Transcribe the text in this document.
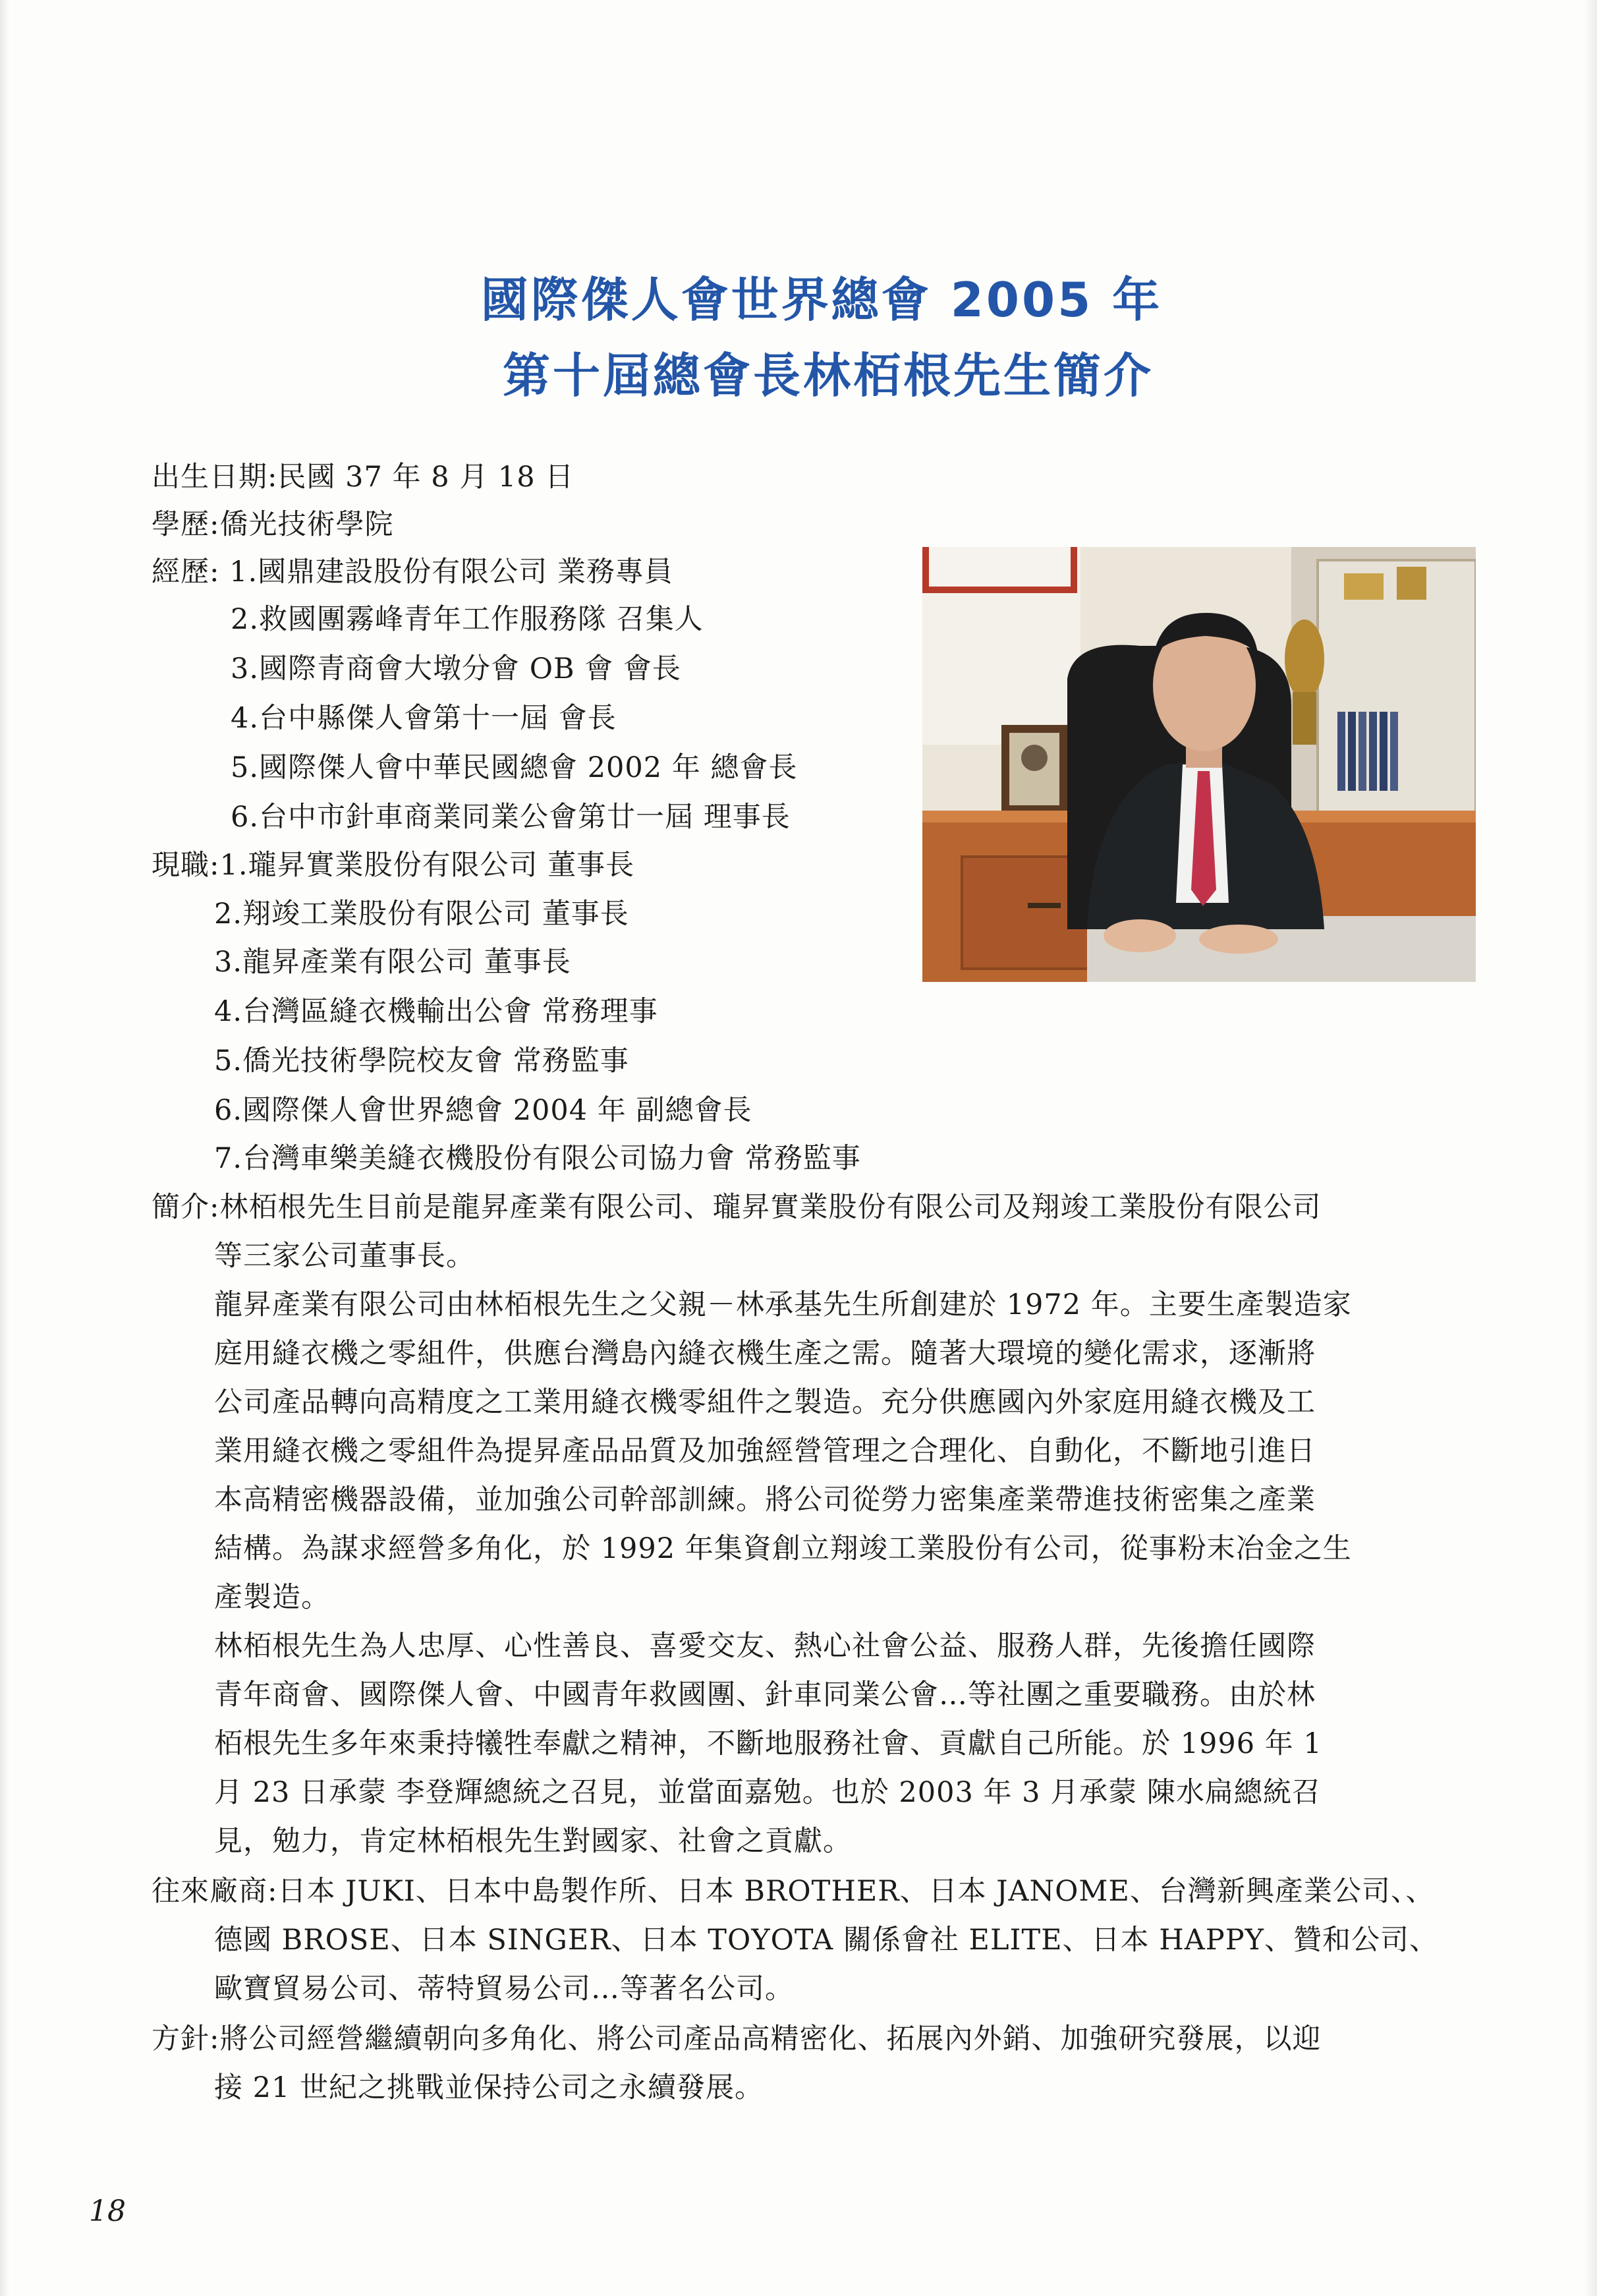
國際傑人會世界總會 2005 年
第十屆總會長林栢根先生簡介
出生日期:民國 37 年 8 月 18 日
學歷:僑光技術學院
經歷: 1.國鼎建設股份有限公司 業務專員
2.救國團霧峰青年工作服務隊 召集人
3.國際青商會大墩分會 OB 會 會長
4.台中縣傑人會第十一屆 會長
5.國際傑人會中華民國總會 2002 年 總會長
6.台中市針車商業同業公會第廿一屆 理事長
現職:1.瓏昇實業股份有限公司 董事長
2.翔竣工業股份有限公司 董事長
3.龍昇產業有限公司 董事長
4.台灣區縫衣機輸出公會 常務理事
5.僑光技術學院校友會 常務監事
6.國際傑人會世界總會 2004 年 副總會長
7.台灣車樂美縫衣機股份有限公司協力會 常務監事
簡介:林栢根先生目前是龍昇產業有限公司、瓏昇實業股份有限公司及翔竣工業股份有限公司
等三家公司董事長。
龍昇產業有限公司由林栢根先生之父親－林承基先生所創建於 1972 年。主要生產製造家
庭用縫衣機之零組件，供應台灣島內縫衣機生產之需。隨著大環境的變化需求，逐漸將
公司產品轉向高精度之工業用縫衣機零組件之製造。充分供應國內外家庭用縫衣機及工
業用縫衣機之零組件為提昇產品品質及加強經營管理之合理化、自動化，不斷地引進日
本高精密機器設備，並加強公司幹部訓練。將公司從勞力密集產業帶進技術密集之產業
結構。為謀求經營多角化，於 1992 年集資創立翔竣工業股份有公司，從事粉末冶金之生
產製造。
林栢根先生為人忠厚、心性善良、喜愛交友、熱心社會公益、服務人群，先後擔任國際
青年商會、國際傑人會、中國青年救國團、針車同業公會…等社團之重要職務。由於林
栢根先生多年來秉持犧牲奉獻之精神，不斷地服務社會、貢獻自己所能。於 1996 年 1
月 23 日承蒙 李登輝總統之召見，並當面嘉勉。也於 2003 年 3 月承蒙 陳水扁總統召
見，勉力，肯定林栢根先生對國家、社會之貢獻。
往來廠商:日本 JUKI、日本中島製作所、日本 BROTHER、日本 JANOME、台灣新興產業公司、、
德國 BROSE、日本 SINGER、日本 TOYOTA 關係會社 ELITE、日本 HAPPY、贊和公司、
歐寶貿易公司、蒂特貿易公司…等著名公司。
方針:將公司經營繼續朝向多角化、將公司產品高精密化、拓展內外銷、加強研究發展，以迎
接 21 世紀之挑戰並保持公司之永續發展。
18
